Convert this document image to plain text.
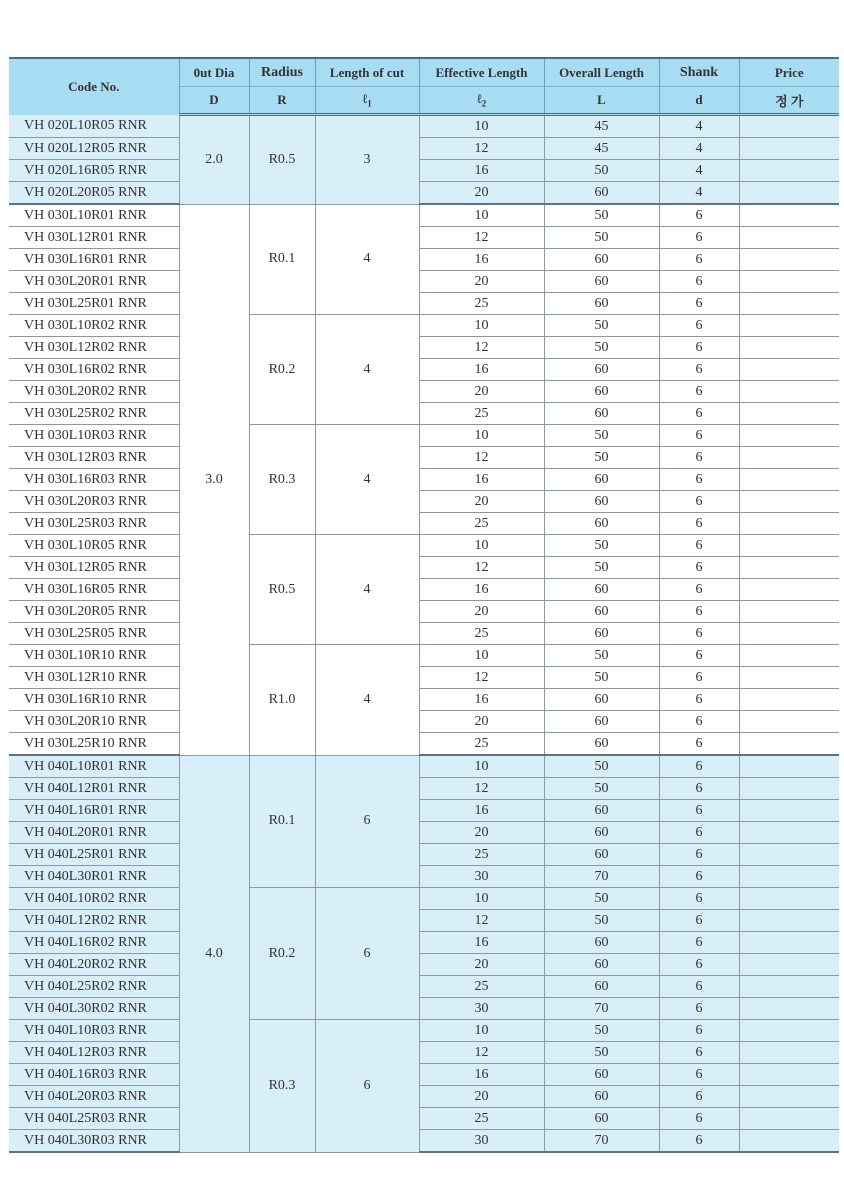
Code No.	0ut Dia	Radius	Length of cut	Effective Length	Overall Length	Shank	Price
	D	R	ℓ$_1$	ℓ$_2$	L	d	정 가
VH 020L10R05 RNR	2.0	R0.5	3	10	45	4	
VH 020L12R05 RNR				12	45	4	
VH 020L16R05 RNR				16	50	4	
VH 020L20R05 RNR				20	60	4	
VH 030L10R01 RNR	3.0	R0.1	4	10	50	6	
VH 030L12R01 RNR				12	50	6	
VH 030L16R01 RNR				16	60	6	
VH 030L20R01 RNR				20	60	6	
VH 030L25R01 RNR				25	60	6	
VH 030L10R02 RNR		R0.2	4	10	50	6	
VH 030L12R02 RNR				12	50	6	
VH 030L16R02 RNR				16	60	6	
VH 030L20R02 RNR				20	60	6	
VH 030L25R02 RNR				25	60	6	
VH 030L10R03 RNR		R0.3	4	10	50	6	
VH 030L12R03 RNR				12	50	6	
VH 030L16R03 RNR				16	60	6	
VH 030L20R03 RNR				20	60	6	
VH 030L25R03 RNR				25	60	6	
VH 030L10R05 RNR		R0.5	4	10	50	6	
VH 030L12R05 RNR				12	50	6	
VH 030L16R05 RNR				16	60	6	
VH 030L20R05 RNR				20	60	6	
VH 030L25R05 RNR				25	60	6	
VH 030L10R10 RNR		R1.0	4	10	50	6	
VH 030L12R10 RNR				12	50	6	
VH 030L16R10 RNR				16	60	6	
VH 030L20R10 RNR				20	60	6	
VH 030L25R10 RNR				25	60	6	
VH 040L10R01 RNR	4.0	R0.1	6	10	50	6	
VH 040L12R01 RNR				12	50	6	
VH 040L16R01 RNR				16	60	6	
VH 040L20R01 RNR				20	60	6	
VH 040L25R01 RNR				25	60	6	
VH 040L30R01 RNR				30	70	6	
VH 040L10R02 RNR		R0.2	6	10	50	6	
VH 040L12R02 RNR				12	50	6	
VH 040L16R02 RNR				16	60	6	
VH 040L20R02 RNR				20	60	6	
VH 040L25R02 RNR				25	60	6	
VH 040L30R02 RNR				30	70	6	
VH 040L10R03 RNR		R0.3	6	10	50	6	
VH 040L12R03 RNR				12	50	6	
VH 040L16R03 RNR				16	60	6	
VH 040L20R03 RNR				20	60	6	
VH 040L25R03 RNR				25	60	6	
VH 040L30R03 RNR				30	70	6	
